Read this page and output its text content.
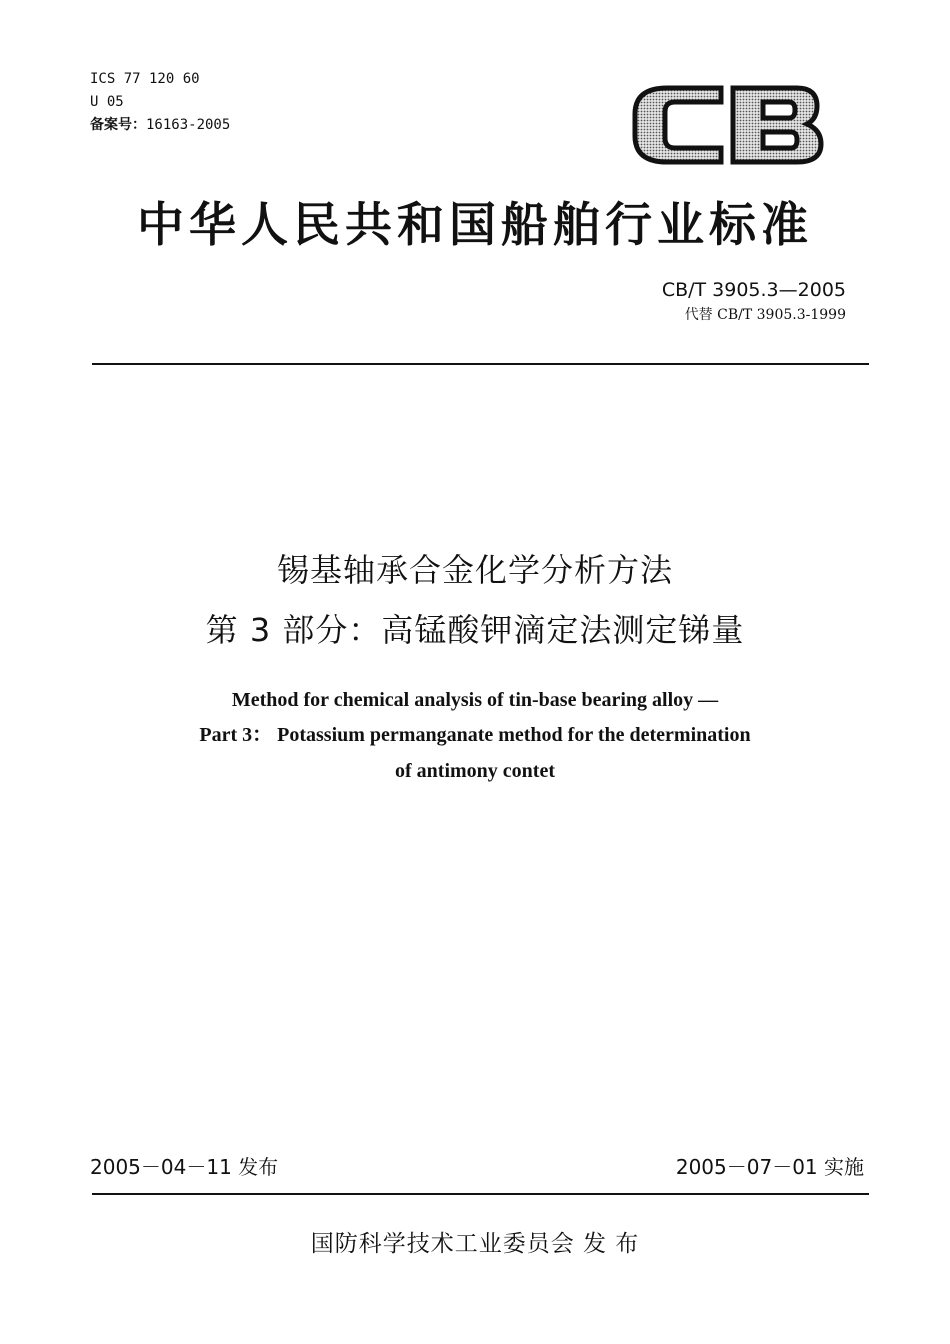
ICS 77 120 60
U 05
备案号：16163-2005
中华人民共和国船舶行业标准
CB/T 3905.3—2005
代替 CB/T 3905.3-1999
锡基轴承合金化学分析方法
第 3 部分：高锰酸钾滴定法测定锑量
Method for chemical analysis of tin-base bearing alloy —
Part 3： Potassium permanganate method for the determination
of antimony contet
2005－04－11 发布	2005－07－01 实施
国防科学技术工业委员会 发 布
